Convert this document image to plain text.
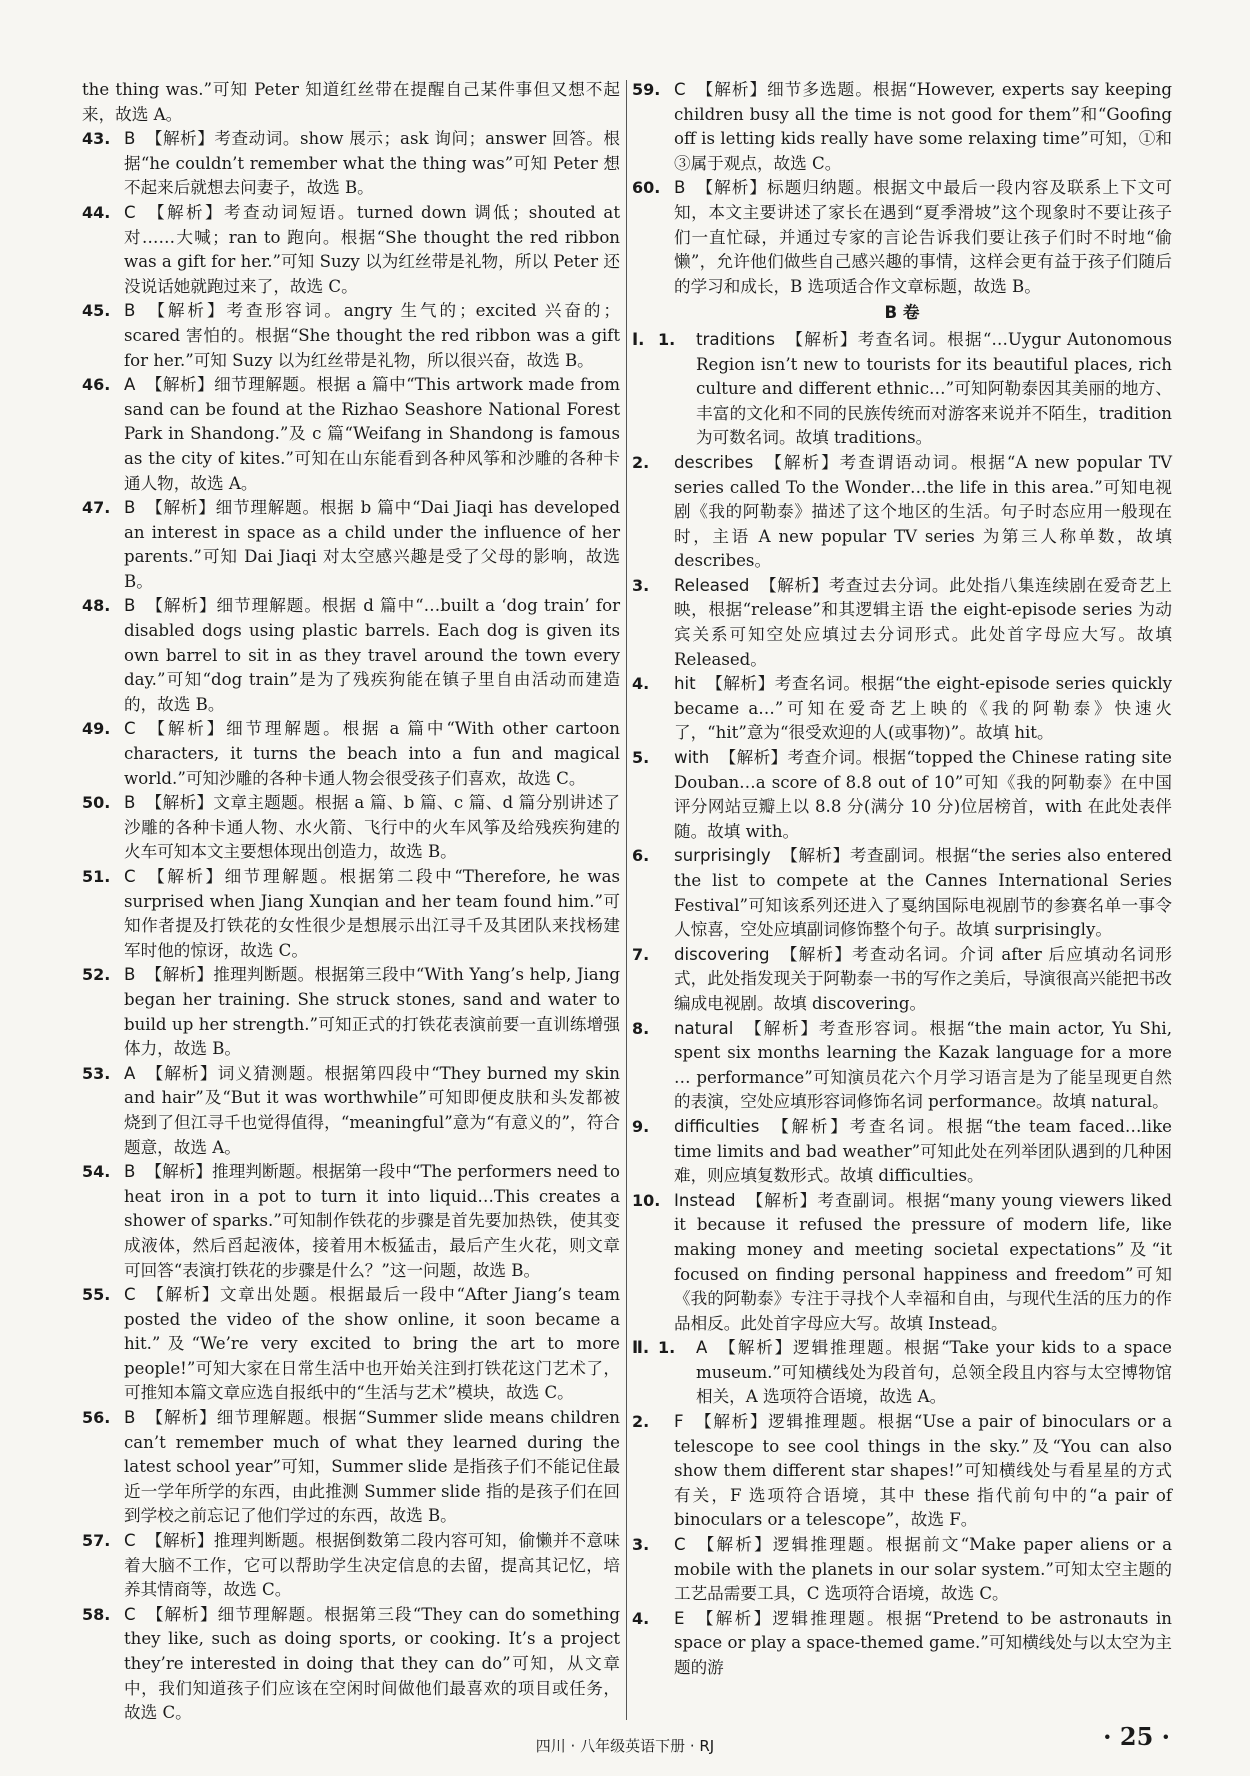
the thing was.”可知 Peter 知道红丝带在提醒自己某件事但又想不起来，故选 A。

43. B 【解析】考查动词。show 展示；ask 询问；answer 回答。根据“he couldn’t remember what the thing was”可知 Peter 想不起来后就想去问妻子，故选 B。

44. C 【解析】考查动词短语。turned down 调低；shouted at 对……大喊；ran to 跑向。根据“She thought the red ribbon was a gift for her.”可知 Suzy 以为红丝带是礼物，所以 Peter 还没说话她就跑过来了，故选 C。

45. B 【解析】考查形容词。angry 生气的；excited 兴奋的；scared 害怕的。根据“She thought the red ribbon was a gift for her.”可知 Suzy 以为红丝带是礼物，所以很兴奋，故选 B。

46. A 【解析】细节理解题。根据 a 篇中“This artwork made from sand can be found at the Rizhao Seashore National Forest Park in Shandong.”及 c 篇“Weifang in Shandong is famous as the city of kites.”可知在山东能看到各种风筝和沙雕的各种卡通人物，故选 A。

47. B 【解析】细节理解题。根据 b 篇中“Dai Jiaqi has developed an interest in space as a child under the influence of her parents.”可知 Dai Jiaqi 对太空感兴趣是受了父母的影响，故选 B。

48. B 【解析】细节理解题。根据 d 篇中“…built a ‘dog train’ for disabled dogs using plastic barrels. Each dog is given its own barrel to sit in as they travel around the town every day.”可知“dog train”是为了残疾狗能在镇子里自由活动而建造的，故选 B。

49. C 【解析】细节理解题。根据 a 篇中“With other cartoon characters, it turns the beach into a fun and magical world.”可知沙雕的各种卡通人物会很受孩子们喜欢，故选 C。

50. B 【解析】文章主题题。根据 a 篇、b 篇、c 篇、d 篇分别讲述了沙雕的各种卡通人物、水火箭、飞行中的火车风筝及给残疾狗建的火车可知本文主要想体现出创造力，故选 B。

51. C 【解析】细节理解题。根据第二段中“Therefore, he was surprised when Jiang Xunqian and her team found him.”可知作者提及打铁花的女性很少是想展示出江寻千及其团队来找杨建军时他的惊讶，故选 C。

52. B 【解析】推理判断题。根据第三段中“With Yang’s help, Jiang began her training. She struck stones, sand and water to build up her strength.”可知正式的打铁花表演前要一直训练增强体力，故选 B。

53. A 【解析】词义猜测题。根据第四段中“They burned my skin and hair”及“But it was worthwhile”可知即便皮肤和头发都被烧到了但江寻千也觉得值得，“meaningful”意为“有意义的”，符合题意，故选 A。

54. B 【解析】推理判断题。根据第一段中“The performers need to heat iron in a pot to turn it into liquid…This creates a shower of sparks.”可知制作铁花的步骤是首先要加热铁，使其变成液体，然后舀起液体，接着用木板猛击，最后产生火花，则文章可回答“表演打铁花的步骤是什么？”这一问题，故选 B。

55. C 【解析】文章出处题。根据最后一段中“After Jiang’s team posted the video of the show online, it soon became a hit.”及“We’re very excited to bring the art to more people!”可知大家在日常生活中也开始关注到打铁花这门艺术了，可推知本篇文章应选自报纸中的“生活与艺术”模块，故选 C。

56. B 【解析】细节理解题。根据“Summer slide means children can’t remember much of what they learned during the latest school year”可知，Summer slide 是指孩子们不能记住最近一学年所学的东西，由此推测 Summer slide 指的是孩子们在回到学校之前忘记了他们学过的东西，故选 B。

57. C 【解析】推理判断题。根据倒数第二段内容可知，偷懒并不意味着大脑不工作，它可以帮助学生决定信息的去留，提高其记忆，培养其情商等，故选 C。

58. C 【解析】细节理解题。根据第三段“They can do something they like, such as doing sports, or cooking. It’s a project they’re interested in doing that they can do”可知，从文章中，我们知道孩子们应该在空闲时间做他们最喜欢的项目或任务，故选 C。

59. C 【解析】细节多选题。根据“However, experts say keeping children busy all the time is not good for them”和“Goofing off is letting kids really have some relaxing time”可知，①和③属于观点，故选 C。

60. B 【解析】标题归纳题。根据文中最后一段内容及联系上下文可知，本文主要讲述了家长在遇到“夏季滑坡”这个现象时不要让孩子们一直忙碌，并通过专家的言论告诉我们要让孩子们时不时地“偷懒”，允许他们做些自己感兴趣的事情，这样会更有益于孩子们随后的学习和成长，B 选项适合作文章标题，故选 B。

B 卷

Ⅰ. 1. traditions 【解析】考查名词。根据“…Uygur Autonomous Region isn’t new to tourists for its beautiful places, rich culture and different ethnic…”可知阿勒泰因其美丽的地方、丰富的文化和不同的民族传统而对游客来说并不陌生，tradition 为可数名词。故填 traditions。

2. describes 【解析】考查谓语动词。根据“A new popular TV series called To the Wonder…the life in this area.”可知电视剧《我的阿勒泰》描述了这个地区的生活。句子时态应用一般现在时，主语 A new popular TV series 为第三人称单数，故填 describes。

3. Released 【解析】考查过去分词。此处指八集连续剧在爱奇艺上映，根据“release”和其逻辑主语 the eight-episode series 为动宾关系可知空处应填过去分词形式。此处首字母应大写。故填 Released。

4. hit 【解析】考查名词。根据“the eight-episode series quickly became a…”可知在爱奇艺上映的《我的阿勒泰》快速火了，“hit”意为“很受欢迎的人(或事物)”。故填 hit。

5. with 【解析】考查介词。根据“topped the Chinese rating site Douban…a score of 8.8 out of 10”可知《我的阿勒泰》在中国评分网站豆瓣上以 8.8 分(满分 10 分)位居榜首，with 在此处表伴随。故填 with。

6. surprisingly 【解析】考查副词。根据“the series also entered the list to compete at the Cannes International Series Festival”可知该系列还进入了戛纳国际电视剧节的参赛名单一事令人惊喜，空处应填副词修饰整个句子。故填 surprisingly。

7. discovering 【解析】考查动名词。介词 after 后应填动名词形式，此处指发现关于阿勒泰一书的写作之美后，导演很高兴能把书改编成电视剧。故填 discovering。

8. natural 【解析】考查形容词。根据“the main actor, Yu Shi, spent six months learning the Kazak language for a more … performance”可知演员花六个月学习语言是为了能呈现更自然的表演，空处应填形容词修饰名词 performance。故填 natural。

9. difficulties 【解析】考查名词。根据“the team faced…like time limits and bad weather”可知此处在列举团队遇到的几种困难，则应填复数形式。故填 difficulties。

10. Instead 【解析】考查副词。根据“many young viewers liked it because it refused the pressure of modern life, like making money and meeting societal expectations”及“it focused on finding personal happiness and freedom”可知《我的阿勒泰》专注于寻找个人幸福和自由，与现代生活的压力的作品相反。此处首字母应大写。故填 Instead。

Ⅱ. 1. A 【解析】逻辑推理题。根据“Take your kids to a space museum.”可知横线处为段首句，总领全段且内容与太空博物馆相关，A 选项符合语境，故选 A。

2. F 【解析】逻辑推理题。根据“Use a pair of binoculars or a telescope to see cool things in the sky.”及“You can also show them different star shapes!”可知横线处与看星星的方式有关，F 选项符合语境，其中 these 指代前句中的“a pair of binoculars or a telescope”，故选 F。

3. C 【解析】逻辑推理题。根据前文“Make paper aliens or a mobile with the planets in our solar system.”可知太空主题的工艺品需要工具，C 选项符合语境，故选 C。

4. E 【解析】逻辑推理题。根据“Pretend to be astronauts in space or play a space-themed game.”可知横线处与以太空为主题的游

四川 · 八年级英语下册 · RJ	· 25 ·
